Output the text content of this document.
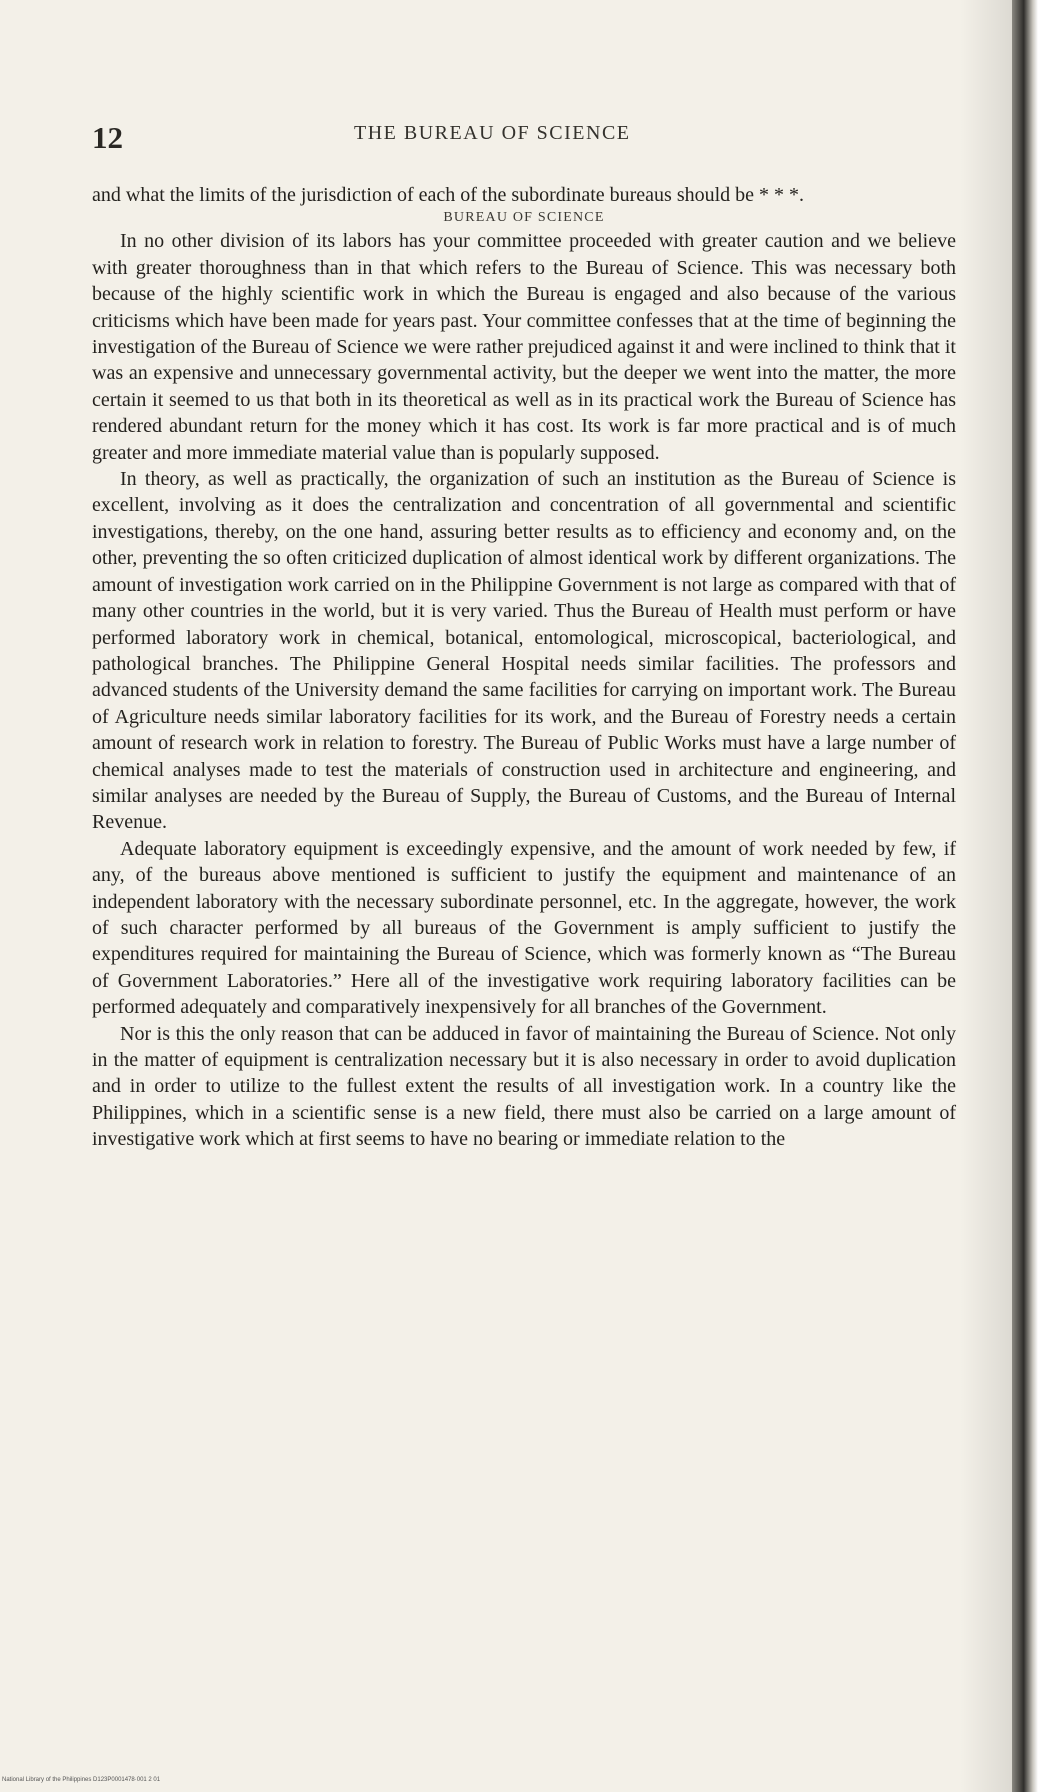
12	THE BUREAU OF SCIENCE

and what the limits of the jurisdiction of each of the subordinate bureaus should be * * *.

BUREAU OF SCIENCE

In no other division of its labors has your committee proceeded with greater caution and we believe with greater thoroughness than in that which refers to the Bureau of Science. This was necessary both because of the highly scientific work in which the Bureau is engaged and also because of the various criticisms which have been made for years past. Your committee confesses that at the time of beginning the investigation of the Bureau of Science we were rather prejudiced against it and were inclined to think that it was an expensive and unnecessary governmental activity, but the deeper we went into the matter, the more certain it seemed to us that both in its theoretical as well as in its practical work the Bureau of Science has rendered abundant return for the money which it has cost. Its work is far more practical and is of much greater and more immediate material value than is popularly supposed.

In theory, as well as practically, the organization of such an institution as the Bureau of Science is excellent, involving as it does the centralization and concentration of all governmental and scientific investigations, thereby, on the one hand, assuring better results as to efficiency and economy and, on the other, preventing the so often criticized duplication of almost identical work by different organizations. The amount of investigation work carried on in the Philippine Government is not large as compared with that of many other countries in the world, but it is very varied. Thus the Bureau of Health must perform or have performed laboratory work in chemical, botanical, entomological, microscopical, bacteriological, and pathological branches. The Philippine General Hospital needs similar facilities. The professors and advanced students of the University demand the same facilities for carrying on important work. The Bureau of Agriculture needs similar laboratory facilities for its work, and the Bureau of Forestry needs a certain amount of research work in relation to forestry. The Bureau of Public Works must have a large number of chemical analyses made to test the materials of construction used in architecture and engineering, and similar analyses are needed by the Bureau of Supply, the Bureau of Customs, and the Bureau of Internal Revenue.

Adequate laboratory equipment is exceedingly expensive, and the amount of work needed by few, if any, of the bureaus above mentioned is sufficient to justify the equipment and maintenance of an independent laboratory with the necessary subordinate personnel, etc. In the aggregate, however, the work of such character performed by all bureaus of the Government is amply sufficient to justify the expenditures required for maintaining the Bureau of Science, which was formerly known as “The Bureau of Government Laboratories.” Here all of the investigative work requiring laboratory facilities can be performed adequately and comparatively inexpensively for all branches of the Government.

Nor is this the only reason that can be adduced in favor of maintaining the Bureau of Science. Not only in the matter of equipment is centralization necessary but it is also necessary in order to avoid duplication and in order to utilize to the fullest extent the results of all investigation work. In a country like the Philippines, which in a scientific sense is a new field, there must also be carried on a large amount of investigative work which at first seems to have no bearing or immediate relation to the

National Library of the Philippines D123P0001478·001 2 01
